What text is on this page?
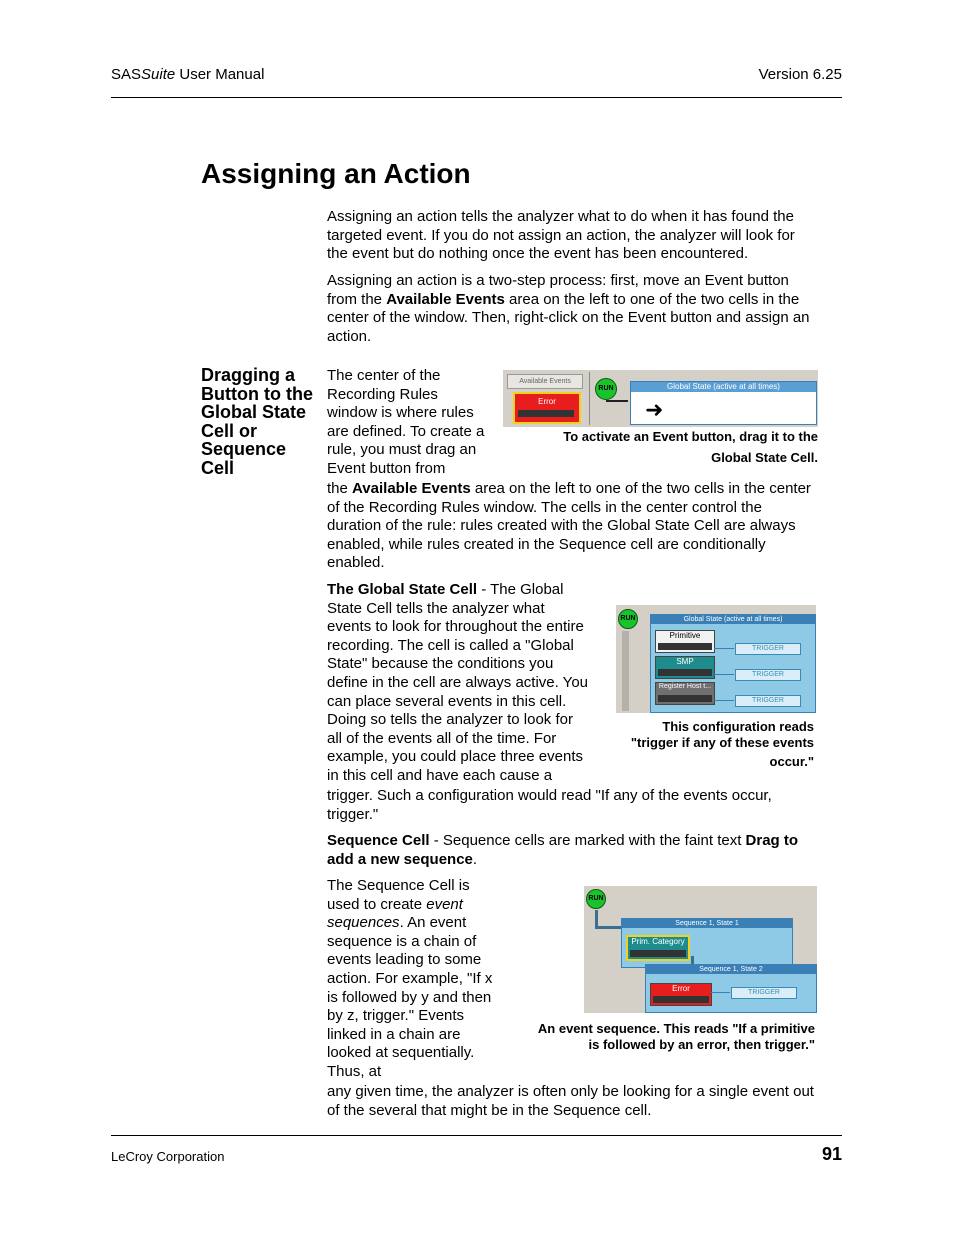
SASSuite User Manual	Version 6.25
Assigning an Action

Assigning an action tells the analyzer what to do when it has found the targeted event. If you do not assign an action, the analyzer will look for the event but do nothing once the event has been encountered.

Assigning an action is a two-step process: first, move an Event button from the Available Events area on the left to one of the two cells in the center of the window. Then, right-click on the Event button and assign an action.

Dragging a Button to the Global State Cell or Sequence Cell

The center of the Recording Rules window is where rules are defined. To create a rule, you must drag an Event button from

the Available Events area on the left to one of the two cells in the center of the Recording Rules window. The cells in the center control the duration of the rule: rules created with the Global State Cell are always enabled, while rules created in the Sequence cell are conditionally enabled.

Available Events
Error
RUN	Global State (active at all times)
➜
To activate an Event button, drag it to the
Global State Cell.

The Global State Cell - The Global State Cell tells the analyzer what events to look for throughout the entire recording. The cell is called a "Global State" because the conditions you define in the cell are always active. You can place several events in this cell. Doing so tells the analyzer to look for all of the events all of the time. For example, you could place three events in this cell and have each cause a

trigger. Such a configuration would read "If any of the events occur, trigger."

RUN	Global State (active at all times)
Primitive
SMP
Register Host t...
TRIGGER
TRIGGER
TRIGGER
This configuration reads
"trigger if any of these events
occur."

Sequence Cell - Sequence cells are marked with the faint text Drag to add a new sequence.

The Sequence Cell is used to create event sequences. An event sequence is a chain of events leading to some action. For example, "If x is followed by y and then by z, trigger." Events linked in a chain are looked at sequentially. Thus, at

any given time, the analyzer is often only be looking for a single event out of the several that might be in the Sequence cell.

RUN
Sequence 1, State 1
Prim. Category
Sequence 1, State 2
Error	TRIGGER
An event sequence. This reads "If a primitive
is followed by an error, then trigger."
LeCroy Corporation	91
